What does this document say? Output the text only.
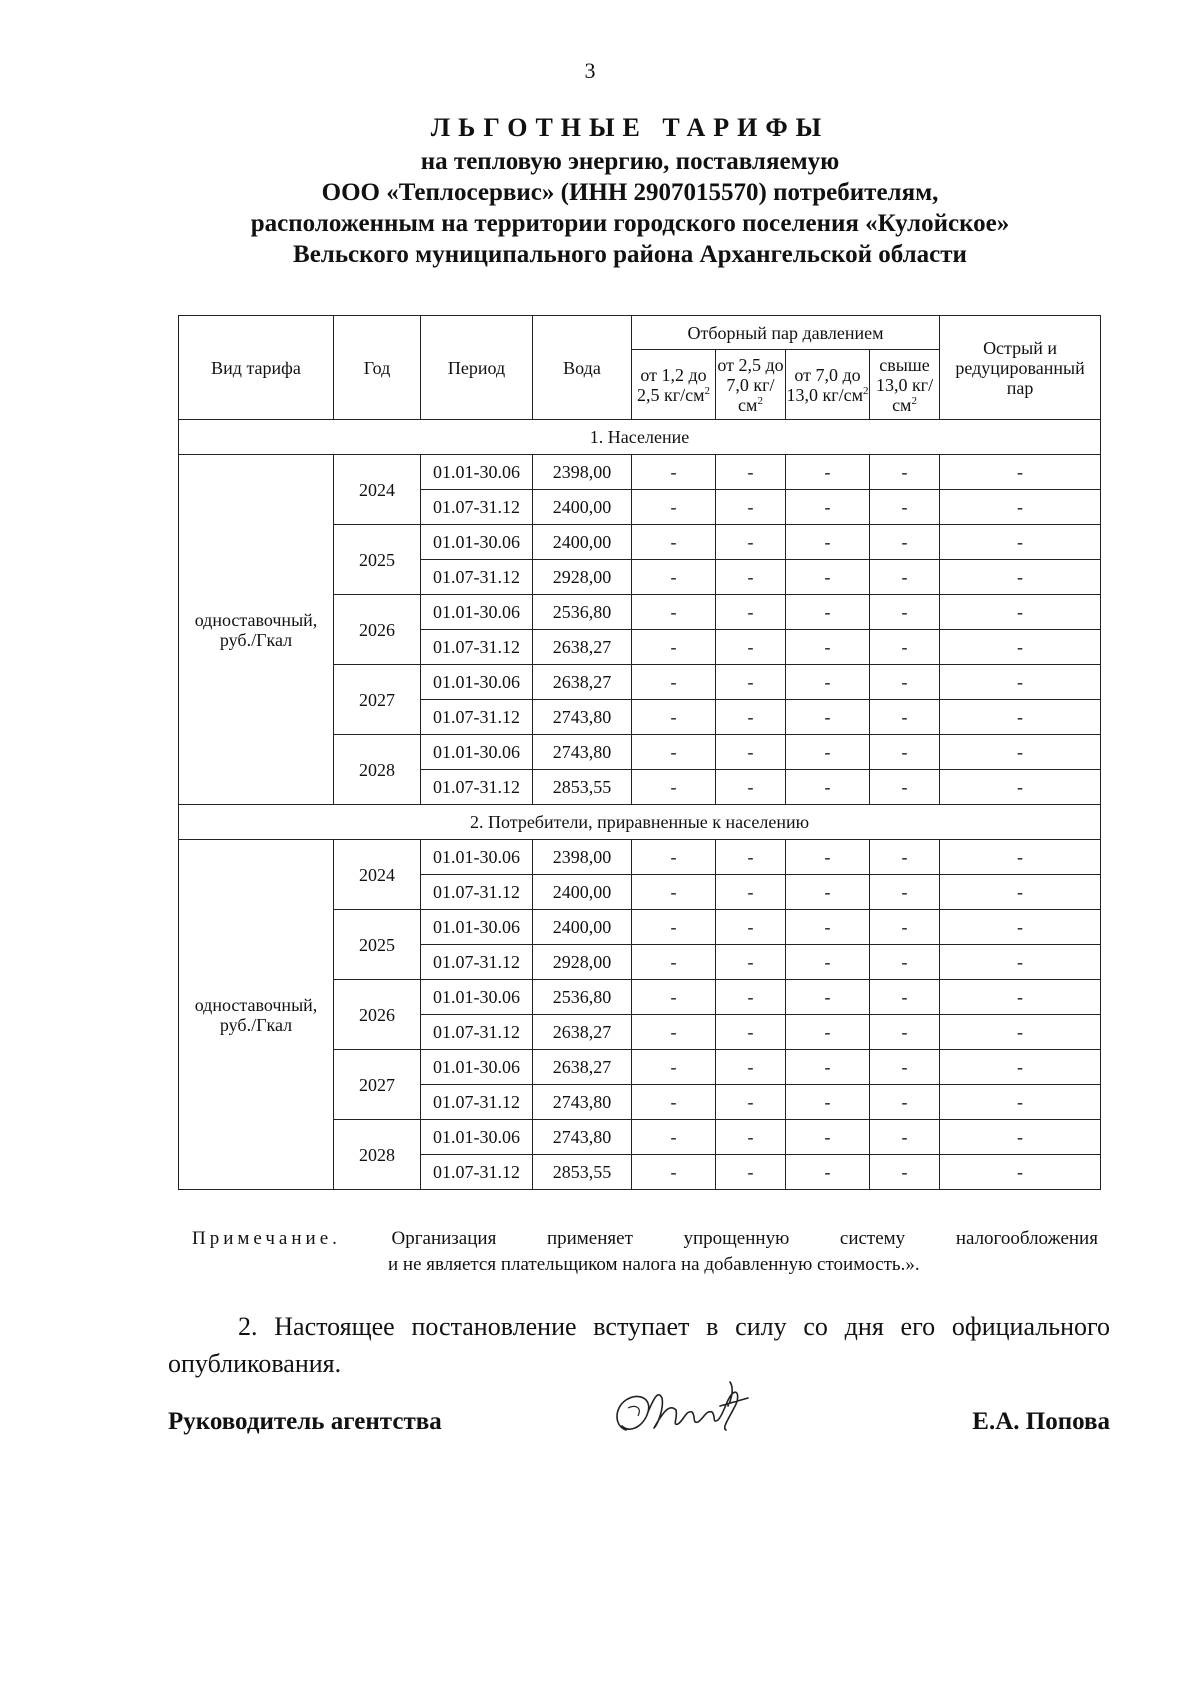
3
ЛЬГОТНЫЕ ТАРИФЫ
на тепловую энергию, поставляемую
ООО «Теплосервис» (ИНН 2907015570) потребителям,
расположенным на территории городского поселения «Кулойское»
Вельского муниципального района Архангельской области
Вид тарифа	Год	Период	Вода	Отборный пар давлением				Острый и редуцированный пар
				от 1,2 до 2,5 $кг/см^2$	от 2,5 до 7,0 $кг/см^2$	от 7,0 до 13,0 $кг/см^2$	свыше 13,0 $кг/см^2$
1. Население								
одноставочный, руб./Гкал	2024	01.01-30.06	2398,00	-	-	-	-	-
		01.07-31.12	2400,00	-	-	-	-	-
	2025	01.01-30.06	2400,00	-	-	-	-	-
		01.07-31.12	2928,00	-	-	-	-	-
	2026	01.01-30.06	2536,80	-	-	-	-	-
		01.07-31.12	2638,27	-	-	-	-	-
	2027	01.01-30.06	2638,27	-	-	-	-	-
		01.07-31.12	2743,80	-	-	-	-	-
	2028	01.01-30.06	2743,80	-	-	-	-	-
		01.07-31.12	2853,55	-	-	-	-	-
2. Потребители, приравненные к населению								
одноставочный, руб./Гкал	2024	01.01-30.06	2398,00	-	-	-	-	-
		01.07-31.12	2400,00	-	-	-	-	-
	2025	01.01-30.06	2400,00	-	-	-	-	-
		01.07-31.12	2928,00	-	-	-	-	-
	2026	01.01-30.06	2536,80	-	-	-	-	-
		01.07-31.12	2638,27	-	-	-	-	-
	2027	01.01-30.06	2638,27	-	-	-	-	-
		01.07-31.12	2743,80	-	-	-	-	-
	2028	01.01-30.06	2743,80	-	-	-	-	-
		01.07-31.12	2853,55	-	-	-	-	-
Примечание.	Организация	применяет	упрощенную	систему	налогообложения
и не является плательщиком налога на добавленную стоимость.».
2. Настоящее постановление вступает в силу со дня его официального опубликования.
Руководитель агентства	Е.А. Попова
